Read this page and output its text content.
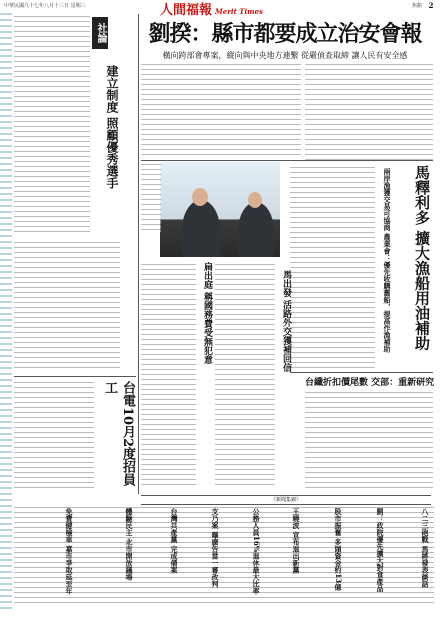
中華民國九十七年八月十三日 星期三	焦點 2
人間福報 Merit Times
劉揆：縣市都要成立治安會報
橫向跨部會專案，縱向與中央地方連繫 從嚴偵查取締 讓人民有安全感
社論
建立制度 照顧優秀選手
馬釋利多 擴大漁船用油補助
兩岸漁獲交易可協商 農業會：優先收購舊船，提高作漁補助
馬出發 活路外交獲補回信
扁出庭 稱國務費受無犯意
台纖折扣價尾數 交部：重新研究
台電10月2度招員工
《新聞集錦》
免費健檢車 嘉市爭取延至年	體驗民主 北市開放議場	台灣共產黨 完成備案	支乃案 曝廣告當一審改判	公務人員16%退休最大比率	王曉波 宣布退出新黨	股市振奮 多頭資金約13億	劉：政院優先擴大對食產品	八二三砲戰 馬將發表談話
